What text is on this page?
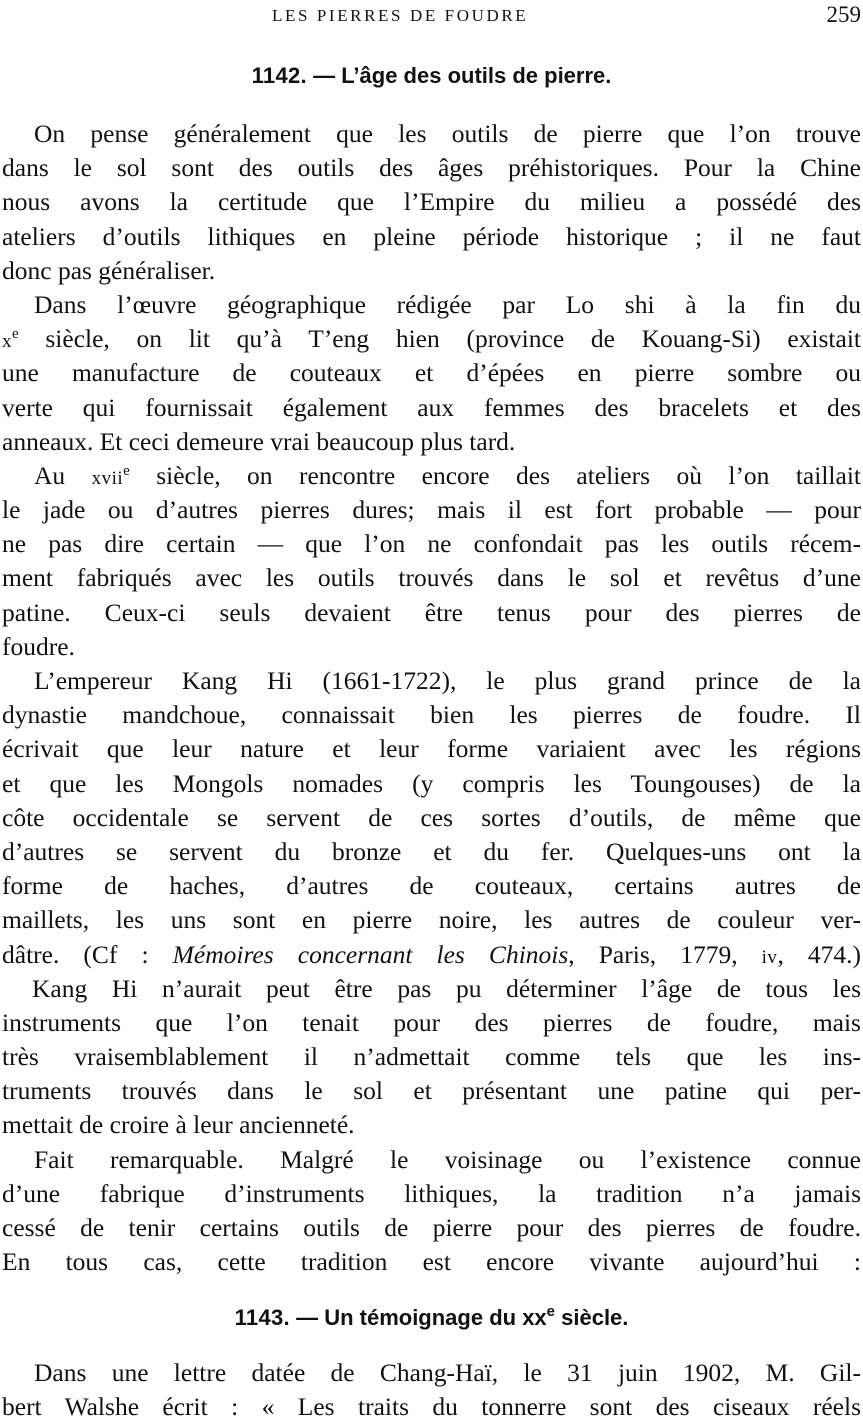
LES PIERRES DE FOUDRE	259
1142. — L’âge des outils de pierre.
On pense généralement que les outils de pierre que l’on trouve
dans le sol sont des outils des âges préhistoriques. Pour la Chine
nous avons la certitude que l’Empire du milieu a possédé des
ateliers d’outils lithiques en pleine période historique ; il ne faut
donc pas généraliser.
Dans l’œuvre géographique rédigée par Lo shi à la fin du
$x^e$ siècle, on lit qu’à T’eng hien (province de Kouang-Si) existait
une manufacture de couteaux et d’épées en pierre sombre ou
verte qui fournissait également aux femmes des bracelets et des
anneaux. Et ceci demeure vrai beaucoup plus tard.
Au xvii$^e$ siècle, on rencontre encore des ateliers où l’on taillait
le jade ou d’autres pierres dures; mais il est fort probable — pour
ne pas dire certain — que l’on ne confondait pas les outils récem-
ment fabriqués avec les outils trouvés dans le sol et revêtus d’une
patine. Ceux-ci seuls devaient être tenus pour des pierres de
foudre.
L’empereur Kang Hi (1661-1722), le plus grand prince de la
dynastie mandchoue, connaissait bien les pierres de foudre. Il
écrivait que leur nature et leur forme variaient avec les régions
et que les Mongols nomades (y compris les Toungouses) de la
côte occidentale se servent de ces sortes d’outils, de même que
d’autres se servent du bronze et du fer. Quelques-uns ont la
forme de haches, d’autres de couteaux, certains autres de
maillets, les uns sont en pierre noire, les autres de couleur ver-
dâtre. (Cf : Mémoires concernant les Chinois, Paris, 1779, iv, 474.)
Kang Hi n’aurait peut être pas pu déterminer l’âge de tous les
instruments que l’on tenait pour des pierres de foudre, mais
très vraisemblablement il n’admettait comme tels que les ins-
truments trouvés dans le sol et présentant une patine qui per-
mettait de croire à leur ancienneté.
Fait remarquable. Malgré le voisinage ou l’existence connue
d’une fabrique d’instruments lithiques, la tradition n’a jamais
cessé de tenir certains outils de pierre pour des pierres de foudre.
En tous cas, cette tradition est encore vivante aujourd’hui :
1143. — Un témoignage du $xx^e$ siècle.
Dans une lettre datée de Chang-Haï, le 31 juin 1902, M. Gil-
bert Walshe écrit : « Les traits du tonnerre sont des ciseaux réels
